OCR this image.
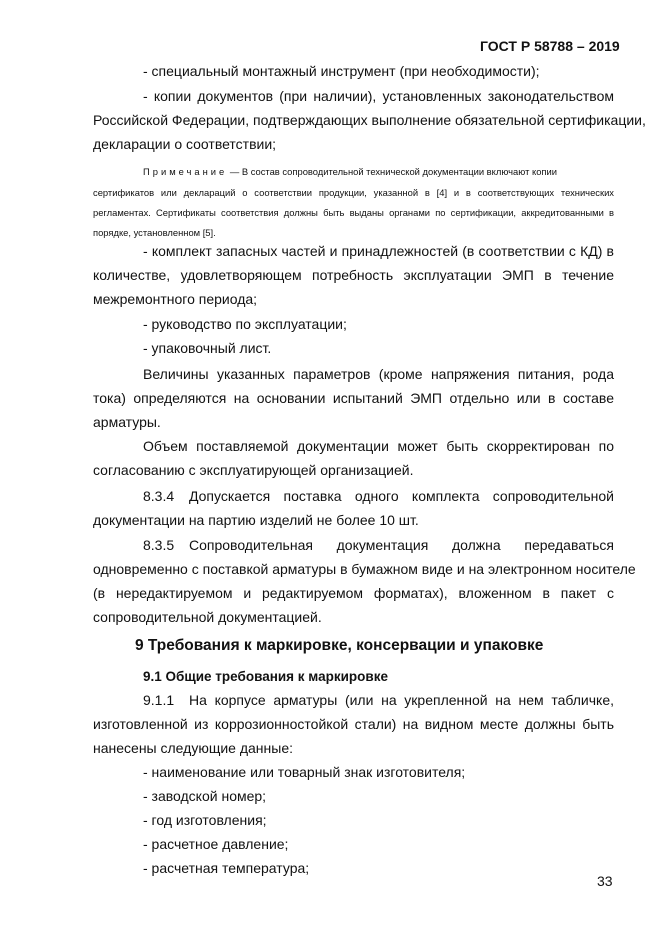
ГОСТ Р 58788 – 2019
- специальный монтажный инструмент (при необходимости);
- копии документов (при наличии), установленных законодательством
Российской Федерации, подтверждающих выполнение обязательной сертификации,
декларации о соответствии;
Примечание — В состав сопроводительной технической документации включают копии
сертификатов или деклараций о соответствии продукции, указанной в [4] и в соответствующих технических
регламентах. Сертификаты соответствия должны быть выданы органами по сертификации, аккредитованными в
порядке, установленном [5].
- комплект запасных частей и принадлежностей (в соответствии с КД) в
количестве, удовлетворяющем потребность эксплуатации ЭМП в течение
межремонтного периода;
- руководство по эксплуатации;
- упаковочный лист.
Величины указанных параметров (кроме напряжения питания, рода
тока) определяются на основании испытаний ЭМП отдельно или в составе
арматуры.
Объем поставляемой документации может быть скорректирован по
согласованию с эксплуатирующей организацией.
8.3.4 Допускается поставка одного комплекта сопроводительной
документации на партию изделий не более 10 шт.
8.3.5 Сопроводительная документация должна передаваться
одновременно с поставкой арматуры в бумажном виде и на электронном носителе
(в нередактируемом и редактируемом форматах), вложенном в пакет с
сопроводительной документацией.
9 Требования к маркировке, консервации и упаковке
9.1 Общие требования к маркировке
9.1.1 На корпусе арматуры (или на укрепленной на нем табличке,
изготовленной из коррозионностойкой стали) на видном месте должны быть
нанесены следующие данные:
- наименование или товарный знак изготовителя;
- заводской номер;
- год изготовления;
- расчетное давление;
- расчетная температура;
33
